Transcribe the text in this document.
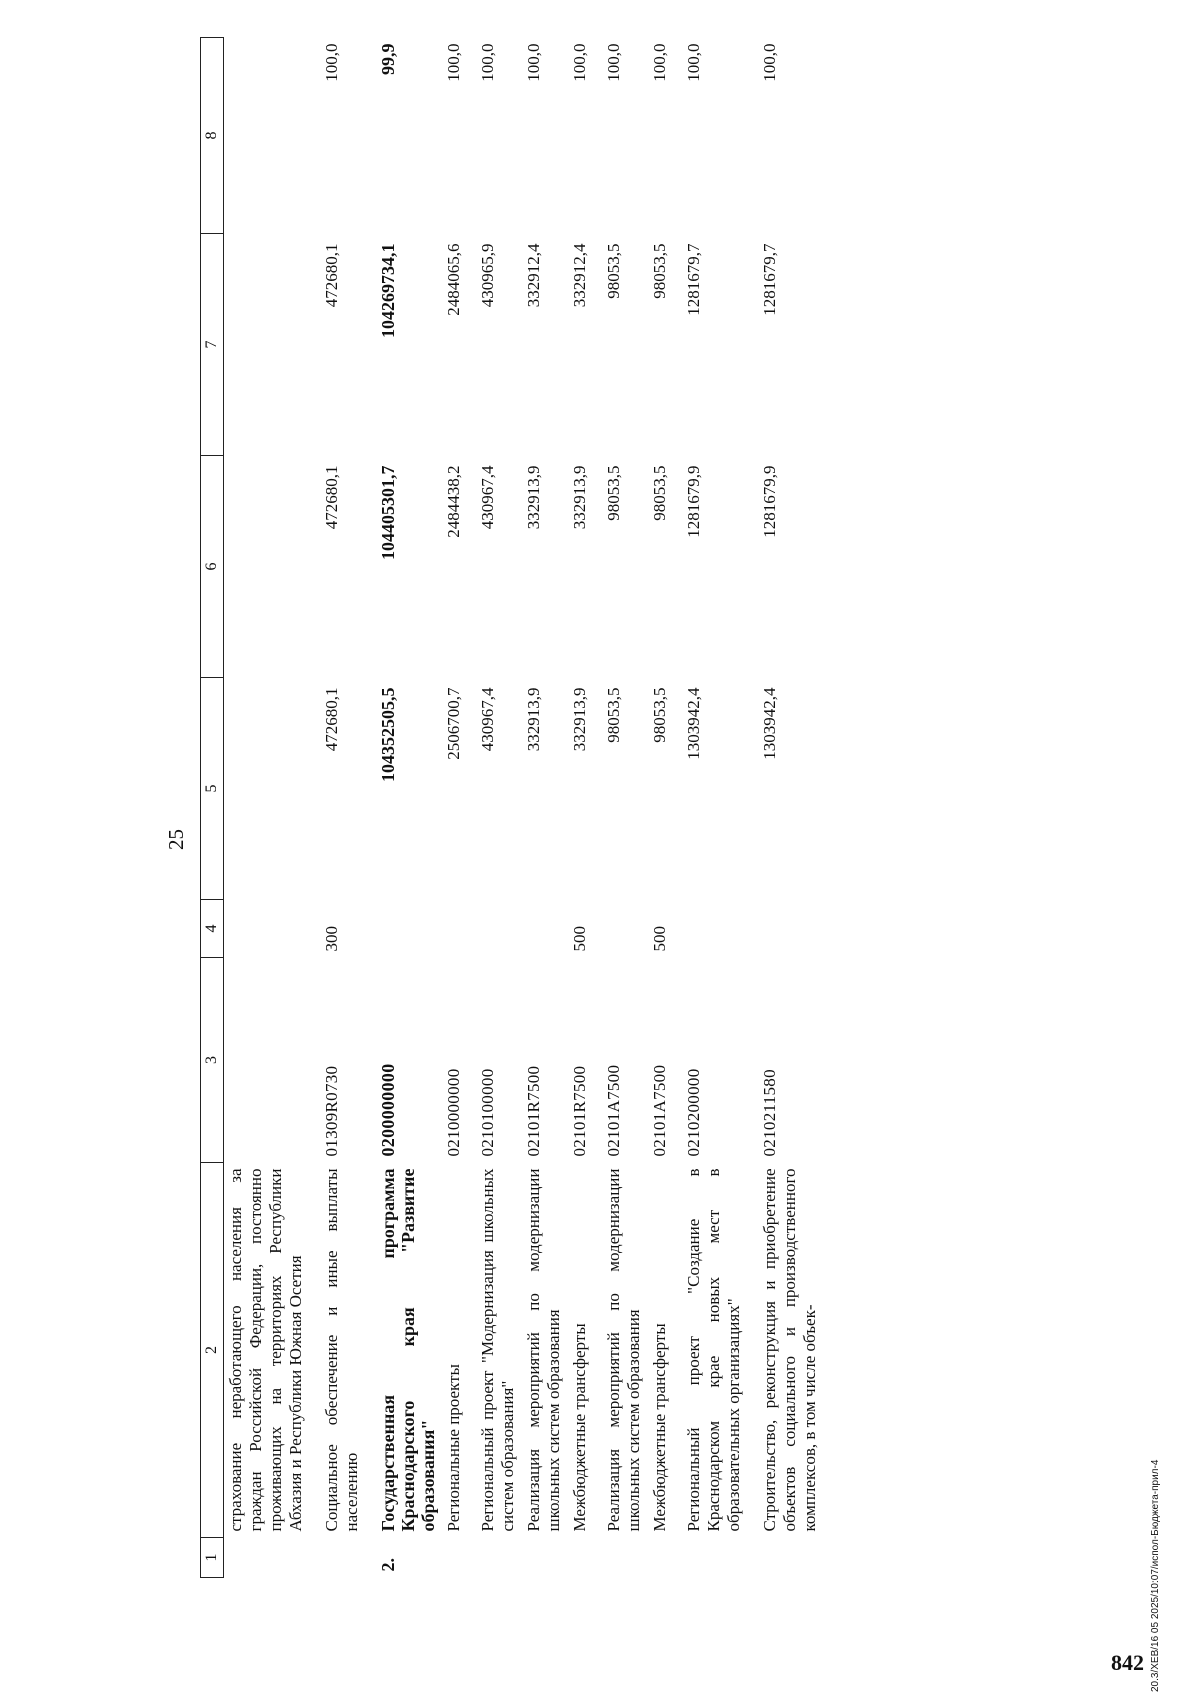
25
1	2	3	4	5	6	7	8
	страхование неработающего населения за граждан Российской Федерации, постоянно проживающих на территориях Республики Абхазия и Республики Южная Осетия						
	Социальное обеспечение и иные выплаты населению	01309R0730	300	472680,1	472680,1	472680,1	100,0
2.	Государственная программа Краснодарского края "Развитие образования"	0200000000		104352505,5	104405301,7	104269734,1	99,9
	Региональные проекты	0210000000		2506700,7	2484438,2	2484065,6	100,0
	Региональный проект "Модернизация школьных систем образования"	0210100000		430967,4	430967,4	430965,9	100,0
	Реализация мероприятий по модернизации школьных систем образования	02101R7500		332913,9	332913,9	332912,4	100,0
	Межбюджетные трансферты	02101R7500	500	332913,9	332913,9	332912,4	100,0
	Реализация мероприятий по модернизации школьных систем образования	02101A7500		98053,5	98053,5	98053,5	100,0
	Межбюджетные трансферты	02101A7500	500	98053,5	98053,5	98053,5	100,0
	Региональный проект "Создание в Краснодарском крае новых мест в образовательных организациях"	0210200000		1303942,4	1281679,9	1281679,7	100,0
	Строительство, реконструкция и приобретение объектов социального и производственного комплексов, в том числе объек-	0210211580		1303942,4	1281679,9	1281679,7	100,0
20.3/XEB/16 05 2025/10:07/испол-Бюджета-прил-4
842
